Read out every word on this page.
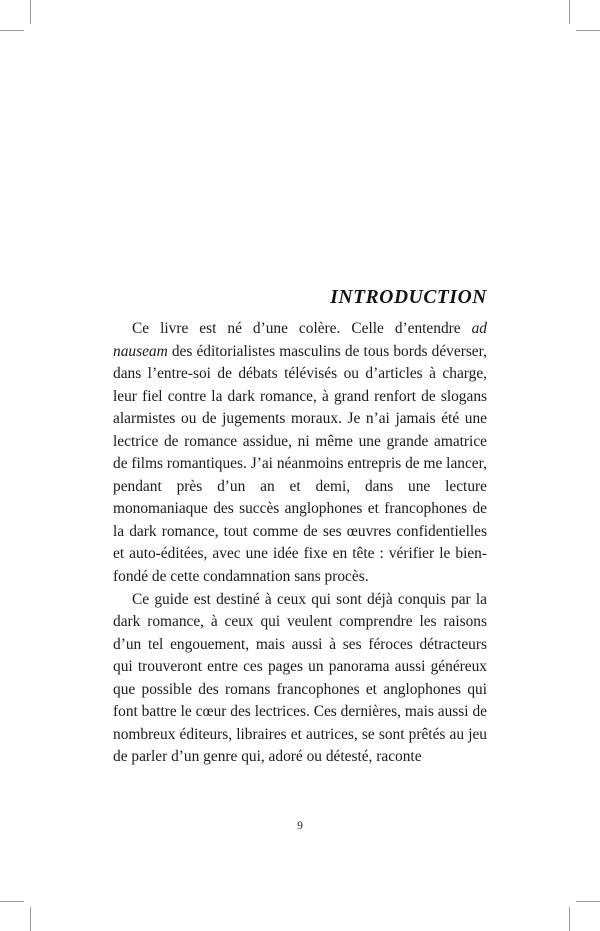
INTRODUCTION

Ce livre est né d’une colère. Celle d’entendre ad nauseam des éditorialistes masculins de tous bords déverser, dans l’entre-soi de débats télévisés ou d’articles à charge, leur fiel contre la dark romance, à grand renfort de slogans alarmistes ou de jugements moraux. Je n’ai jamais été une lectrice de romance assidue, ni même une grande amatrice de films romantiques. J’ai néanmoins entrepris de me lancer, pendant près d’un an et demi, dans une lecture monomaniaque des succès anglophones et francophones de la dark romance, tout comme de ses œuvres confidentielles et auto-éditées, avec une idée fixe en tête : vérifier le bien-fondé de cette condamnation sans procès.

Ce guide est destiné à ceux qui sont déjà conquis par la dark romance, à ceux qui veulent comprendre les raisons d’un tel engouement, mais aussi à ses féroces détracteurs qui trouveront entre ces pages un panorama aussi généreux que possible des romans francophones et anglophones qui font battre le cœur des lectrices. Ces dernières, mais aussi de nombreux éditeurs, libraires et autrices, se sont prêtés au jeu de parler d’un genre qui, adoré ou détesté, raconte

9
